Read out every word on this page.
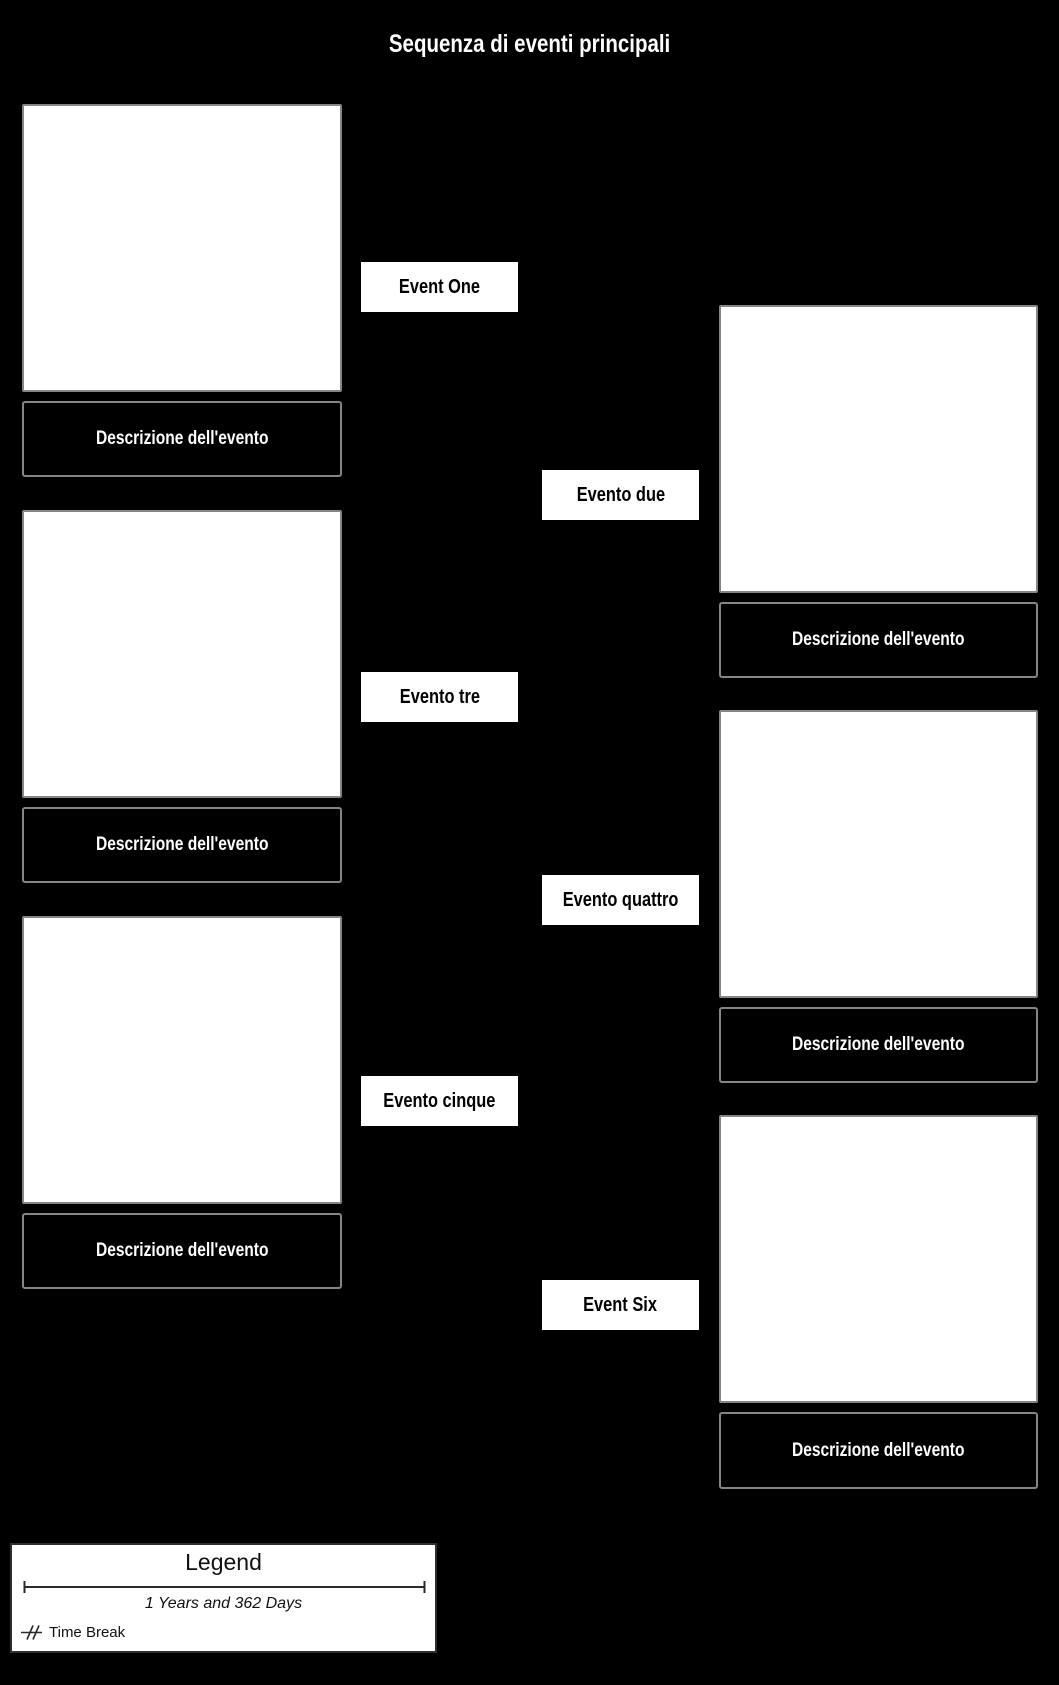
Sequenza di eventi principali
Descrizione dell'evento
Event One
Descrizione dell'evento
Evento due
Descrizione dell'evento
Evento tre
Descrizione dell'evento
Evento quattro
Descrizione dell'evento
Evento cinque
Descrizione dell'evento
Event Six
Legend
1 Years and 362 Days
Time Break
